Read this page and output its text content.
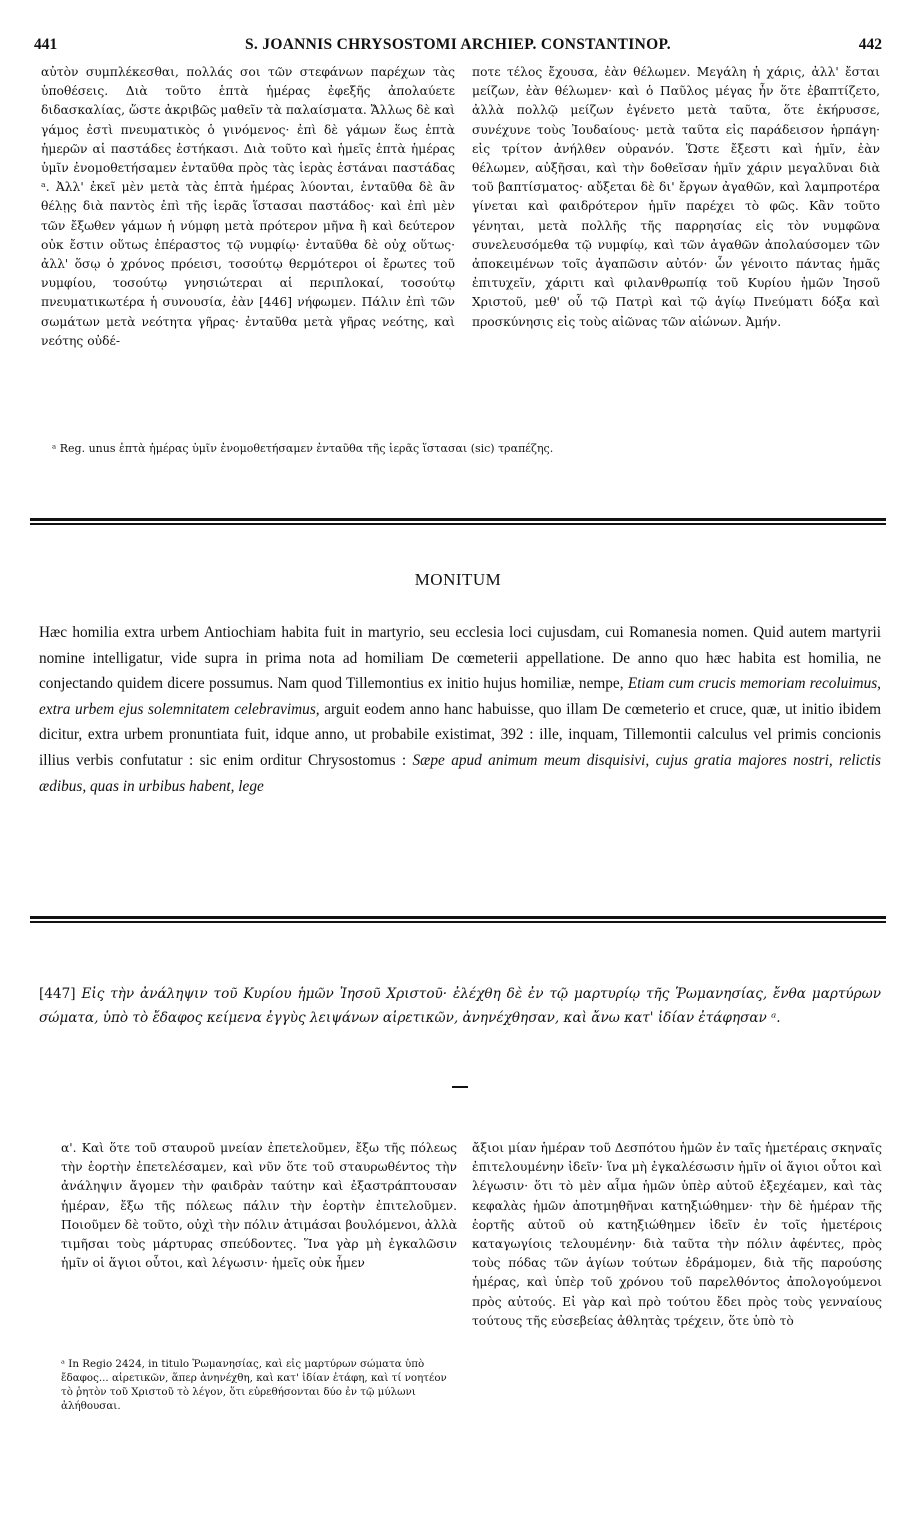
441	S. JOANNIS CHRYSOSTOMI ARCHIEP. CONSTANTINOP.	442

αὐτὸν συμπλέκεσθαι, πολλάς σοι τῶν στεφάνων παρέχων τὰς ὑποθέσεις. Διὰ τοῦτο ἑπτὰ ἡμέρας ἐφεξῆς ἀπολαύετε διδασκαλίας, ὥστε ἀκριβῶς μαθεῖν τὰ παλαίσματα. Ἄλλως δὲ καὶ γάμος ἐστὶ πνευματικὸς ὁ γινόμενος· ἐπὶ δὲ γάμων ἕως ἑπτὰ ἡμερῶν αἱ παστάδες ἑστήκασι. Διὰ τοῦτο καὶ ἡμεῖς ἑπτὰ ἡμέρας ὑμῖν ἐνομοθετήσαμεν ἐνταῦθα πρὸς τὰς ἱερὰς ἑστάναι παστάδας ᵃ. Ἀλλ' ἐκεῖ μὲν μετὰ τὰς ἑπτὰ ἡμέρας λύονται, ἐνταῦθα δὲ ἂν θέλῃς διὰ παντὸς ἐπὶ τῆς ἱερᾶς ἵστασαι παστάδος· καὶ ἐπὶ μὲν τῶν ἔξωθεν γάμων ἡ νύμφη μετὰ πρότερον μῆνα ἢ καὶ δεύτερον οὐκ ἔστιν οὕτως ἐπέραστος τῷ νυμφίῳ· ἐνταῦθα δὲ οὐχ οὕτως· ἀλλ' ὅσῳ ὁ χρόνος πρόεισι, τοσούτῳ θερμότεροι οἱ ἔρωτες τοῦ νυμφίου, τοσούτῳ γνησιώτεραι αἱ περιπλοκαί, τοσούτῳ πνευματικωτέρα ἡ συνουσία, ἐὰν [446] νήφωμεν. Πάλιν ἐπὶ τῶν σωμάτων μετὰ νεότητα γῆρας· ἐνταῦθα μετὰ γῆρας νεότης, καὶ νεότης οὐδέ-

ποτε τέλος ἔχουσα, ἐὰν θέλωμεν. Μεγάλη ἡ χάρις, ἀλλ' ἔσται μείζων, ἐὰν θέλωμεν· καὶ ὁ Παῦλος μέγας ἦν ὅτε ἐβαπτίζετο, ἀλλὰ πολλῷ μείζων ἐγένετο μετὰ ταῦτα, ὅτε ἐκήρυσσε, συνέχυνε τοὺς Ἰουδαίους· μετὰ ταῦτα εἰς παράδεισον ἡρπάγη· εἰς τρίτον ἀνήλθεν οὐρανόν. Ὥστε ἔξεστι καὶ ἡμῖν, ἐὰν θέλωμεν, αὐξῆσαι, καὶ τὴν δοθεῖσαν ἡμῖν χάριν μεγαλῦναι διὰ τοῦ βαπτίσματος· αὔξεται δὲ δι' ἔργων ἀγαθῶν, καὶ λαμπροτέρα γίνεται καὶ φαιδρότερον ἡμῖν παρέχει τὸ φῶς. Κἂν τοῦτο γένηται, μετὰ πολλῆς τῆς παρρησίας εἰς τὸν νυμφῶνα συνελευσόμεθα τῷ νυμφίῳ, καὶ τῶν ἀγαθῶν ἀπολαύσομεν τῶν ἀποκειμένων τοῖς ἀγαπῶσιν αὐτόν· ὧν γένοιτο πάντας ἡμᾶς ἐπιτυχεῖν, χάριτι καὶ φιλανθρωπίᾳ τοῦ Κυρίου ἡμῶν Ἰησοῦ Χριστοῦ, μεθ' οὗ τῷ Πατρὶ καὶ τῷ ἁγίῳ Πνεύματι δόξα καὶ προσκύνησις εἰς τοὺς αἰῶνας τῶν αἰώνων. Ἀμήν.

ᵃ Reg. unus ἑπτὰ ἡμέρας ὑμῖν ἐνομοθετήσαμεν ἐνταῦθα τῆς ἱερᾶς ἵστασαι (sic) τραπέζης.
MONITUM
Hæc homilia extra urbem Antiochiam habita fuit in martyrio, seu ecclesia loci cujusdam, cui Romanesia nomen. Quid autem martyrii nomine intelligatur, vide supra in prima nota ad homiliam De cœmeterii appellatione. De anno quo hæc habita est homilia, ne conjectando quidem dicere possumus. Nam quod Tillemontius ex initio hujus homiliæ, nempe, Etiam cum crucis memoriam recoluimus, extra urbem ejus solemnitatem celebravimus, arguit eodem anno hanc habuisse, quo illam De cœmeterio et cruce, quæ, ut initio ibidem dicitur, extra urbem pronuntiata fuit, idque anno, ut probabile existimat, 392 : ille, inquam, Tillemontii calculus vel primis concionis illius verbis confutatur : sic enim orditur Chrysostomus : Sæpe apud animum meum disquisivi, cujus gratia majores nostri, relictis ædibus, quas in urbibus habent, lege
[447] Εἰς τὴν ἀνάληψιν τοῦ Κυρίου ἡμῶν Ἰησοῦ Χριστοῦ· ἐλέχθη δὲ ἐν τῷ μαρτυρίῳ τῆς Ῥωμανησίας, ἔνθα μαρτύρων σώματα, ὑπὸ τὸ ἔδαφος κείμενα ἐγγὺς λειψάνων αἱρετικῶν, ἀνηνέχθησαν, καὶ ἄνω κατ' ἰδίαν ἐτάφησαν ᵃ.

α'. Καὶ ὅτε τοῦ σταυροῦ μνείαν ἐπετελοῦμεν, ἔξω τῆς πόλεως τὴν ἑορτὴν ἐπετελέσαμεν, καὶ νῦν ὅτε τοῦ σταυρωθέντος τὴν ἀνάληψιν ἄγομεν τὴν φαιδρὰν ταύτην καὶ ἐξαστράπτουσαν ἡμέραν, ἔξω τῆς πόλεως πάλιν τὴν ἑορτὴν ἐπιτελοῦμεν. Ποιοῦμεν δὲ τοῦτο, οὐχὶ τὴν πόλιν ἀτιμάσαι βουλόμενοι, ἀλλὰ τιμῆσαι τοὺς μάρτυρας σπεύδοντες. Ἵνα γὰρ μὴ ἐγκαλῶσιν ἡμῖν οἱ ἅγιοι οὗτοι, καὶ λέγωσιν· ἡμεῖς οὐκ ἦμεν

ἄξιοι μίαν ἡμέραν τοῦ Δεσπότου ἡμῶν ἐν ταῖς ἡμετέραις σκηναῖς ἐπιτελουμένην ἰδεῖν· ἵνα μὴ ἐγκαλέσωσιν ἡμῖν οἱ ἅγιοι οὗτοι καὶ λέγωσιν· ὅτι τὸ μὲν αἷμα ἡμῶν ὑπὲρ αὐτοῦ ἐξεχέαμεν, καὶ τὰς κεφαλὰς ἡμῶν ἀποτμηθῆναι κατηξιώθημεν· τὴν δὲ ἡμέραν τῆς ἑορτῆς αὐτοῦ οὐ κατηξιώθημεν ἰδεῖν ἐν τοῖς ἡμετέροις καταγωγίοις τελουμένην· διὰ ταῦτα τὴν πόλιν ἀφέντες, πρὸς τοὺς πόδας τῶν ἁγίων τούτων ἐδράμομεν, διὰ τῆς παρούσης ἡμέρας, καὶ ὑπὲρ τοῦ χρόνου τοῦ παρελθόντος ἀπολογούμενοι πρὸς αὐτούς. Εἰ γὰρ καὶ πρὸ τούτου ἔδει πρὸς τοὺς γενναίους τούτους τῆς εὐσεβείας ἀθλητὰς τρέχειν, ὅτε ὑπὸ τὸ

ᵃ In Regio 2424, in titulo Ῥωμανησίας, καὶ εἰς μαρτύρων σώματα ὑπὸ ἔδαφος... αἱρετικῶν, ἅπερ ἀνηνέχθη, καὶ κατ' ἰδίαν ἐτάφη, καὶ τί νοητέον τὸ ῥητὸν τοῦ Χριστοῦ τὸ λέγον, ὅτι εὑρεθήσονται δύο ἐν τῷ μύλωνι ἀλήθουσαι.
